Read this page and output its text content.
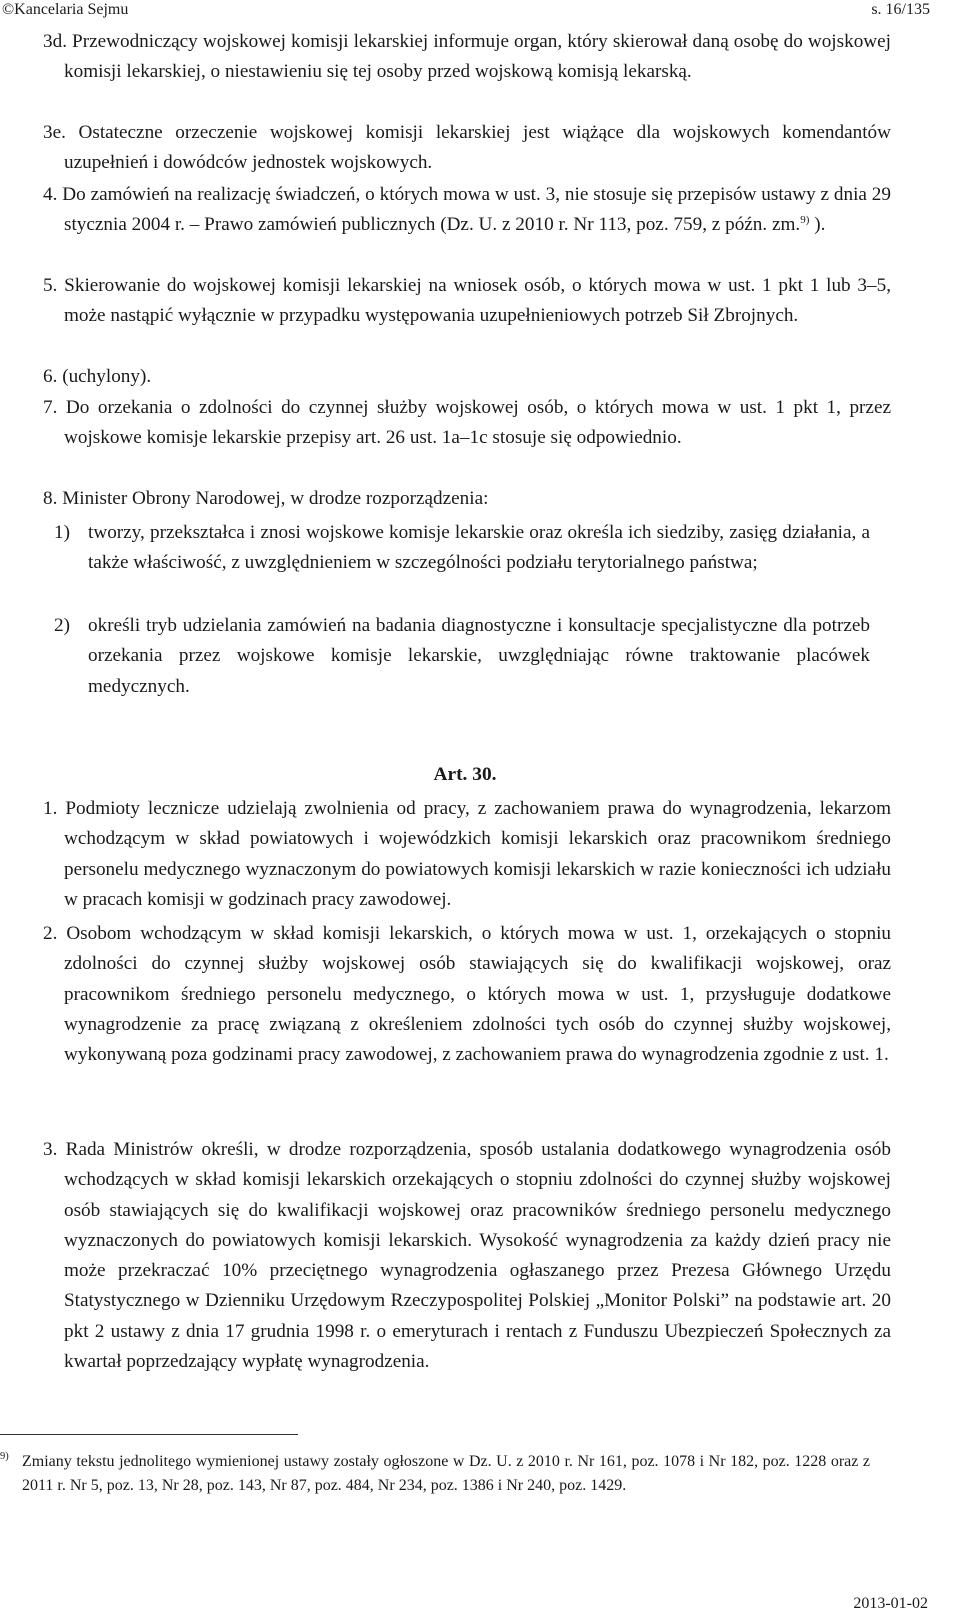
©Kancelaria Sejmu	s. 16/135
3d. Przewodniczący wojskowej komisji lekarskiej informuje organ, który skierował daną osobę do wojskowej komisji lekarskiej, o niestawieniu się tej osoby przed wojskową komisją lekarską.
3e. Ostateczne orzeczenie wojskowej komisji lekarskiej jest wiążące dla wojskowych komendantów uzupełnień i dowódców jednostek wojskowych.
4. Do zamówień na realizację świadczeń, o których mowa w ust. 3, nie stosuje się przepisów ustawy z dnia 29 stycznia 2004 r. – Prawo zamówień publicznych (Dz. U. z 2010 r. Nr 113, poz. 759, z późn. zm.$^{9)}$ ).
5. Skierowanie do wojskowej komisji lekarskiej na wniosek osób, o których mowa w ust. 1 pkt 1 lub 3–5, może nastąpić wyłącznie w przypadku występowania uzupełnieniowych potrzeb Sił Zbrojnych.
6. (uchylony).
7. Do orzekania o zdolności do czynnej służby wojskowej osób, o których mowa w ust. 1 pkt 1, przez wojskowe komisje lekarskie przepisy art. 26 ust. 1a–1c stosuje się odpowiednio.
8. Minister Obrony Narodowej, w drodze rozporządzenia:
1) tworzy, przekształca i znosi wojskowe komisje lekarskie oraz określa ich siedziby, zasięg działania, a także właściwość, z uwzględnieniem w szczególności podziału terytorialnego państwa;
2) określi tryb udzielania zamówień na badania diagnostyczne i konsultacje specjalistyczne dla potrzeb orzekania przez wojskowe komisje lekarskie, uwzględniając równe traktowanie placówek medycznych.
Art. 30.
1. Podmioty lecznicze udzielają zwolnienia od pracy, z zachowaniem prawa do wynagrodzenia, lekarzom wchodzącym w skład powiatowych i wojewódzkich komisji lekarskich oraz pracownikom średniego personelu medycznego wyznaczonym do powiatowych komisji lekarskich w razie konieczności ich udziału w pracach komisji w godzinach pracy zawodowej.
2. Osobom wchodzącym w skład komisji lekarskich, o których mowa w ust. 1, orzekających o stopniu zdolności do czynnej służby wojskowej osób stawiających się do kwalifikacji wojskowej, oraz pracownikom średniego personelu medycznego, o których mowa w ust. 1, przysługuje dodatkowe wynagrodzenie za pracę związaną z określeniem zdolności tych osób do czynnej służby wojskowej, wykonywaną poza godzinami pracy zawodowej, z zachowaniem prawa do wynagrodzenia zgodnie z ust. 1.
3. Rada Ministrów określi, w drodze rozporządzenia, sposób ustalania dodatkowego wynagrodzenia osób wchodzących w skład komisji lekarskich orzekających o stopniu zdolności do czynnej służby wojskowej osób stawiających się do kwalifikacji wojskowej oraz pracowników średniego personelu medycznego wyznaczonych do powiatowych komisji lekarskich. Wysokość wynagrodzenia za każdy dzień pracy nie może przekraczać 10% przeciętnego wynagrodzenia ogłaszanego przez Prezesa Głównego Urzędu Statystycznego w Dzienniku Urzędowym Rzeczypospolitej Polskiej „Monitor Polski” na podstawie art. 20 pkt 2 ustawy z dnia 17 grudnia 1998 r. o emeryturach i rentach z Funduszu Ubezpieczeń Społecznych za kwartał poprzedzający wypłatę wynagrodzenia.
9) Zmiany tekstu jednolitego wymienionej ustawy zostały ogłoszone w Dz. U. z 2010 r. Nr 161, poz. 1078 i Nr 182, poz. 1228 oraz z 2011 r. Nr 5, poz. 13, Nr 28, poz. 143, Nr 87, poz. 484, Nr 234, poz. 1386 i Nr 240, poz. 1429.
2013-01-02
